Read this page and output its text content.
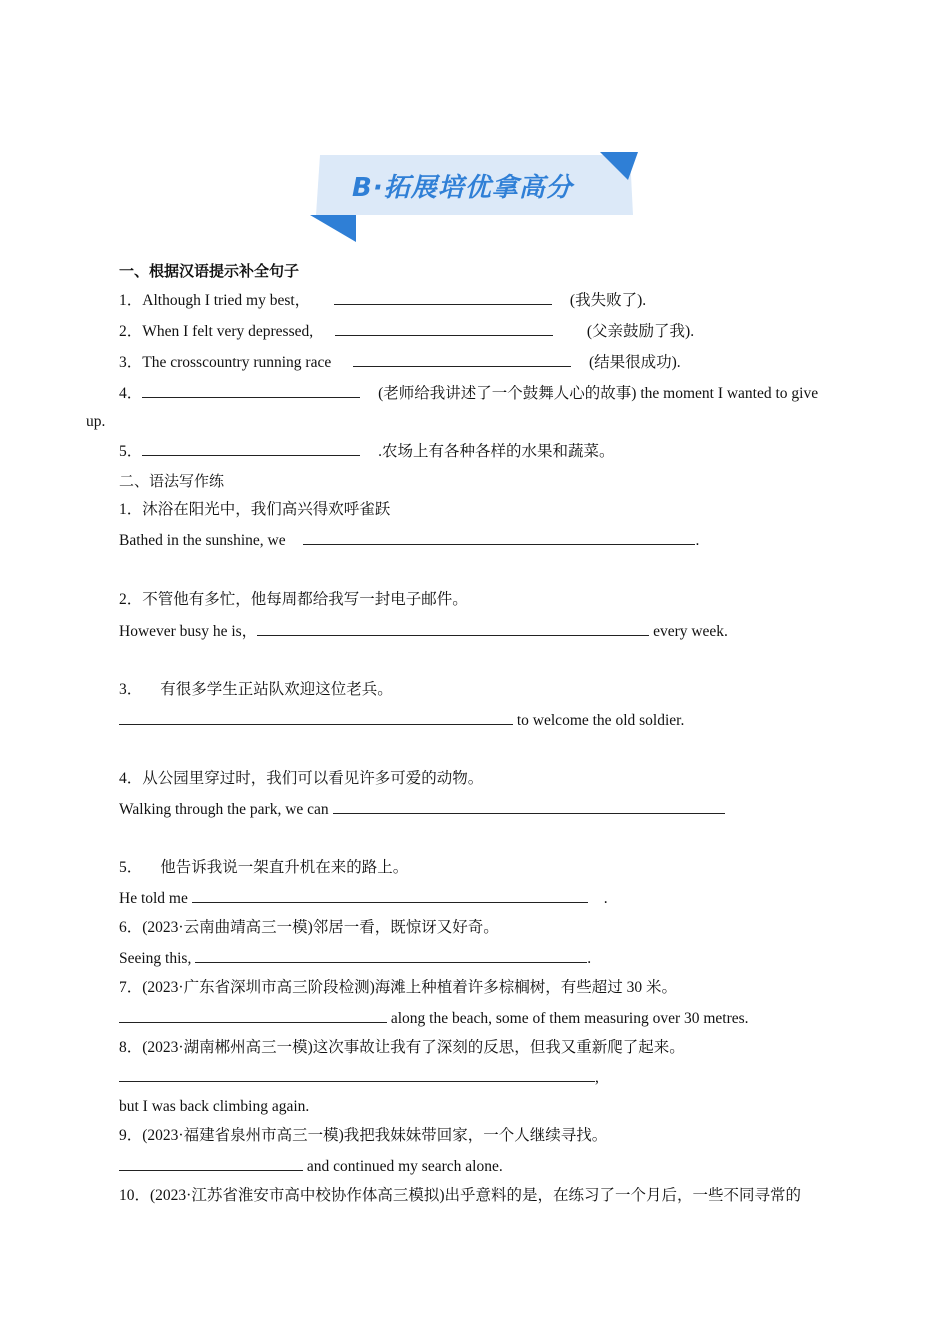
B·拓展培优拿高分
一、根据汉语提示补全句子
1．Although I tried my best，	(我失败了).
2．When I felt very depressed,	(父亲鼓励了我).
3．The crosscountry running race	(结果很成功).
4．	(老师给我讲述了一个鼓舞人心的故事) the moment I wanted to give
up.
5．	.农场上有各种各样的水果和蔬菜。
二、语法写作练
1．沐浴在阳光中，我们高兴得欢呼雀跃
Bathed in the sunshine, we	.
2．不管他有多忙，他每周都给我写一封电子邮件。
However busy he is，	every week.
3． 有很多学生正站队欢迎这位老兵。
to welcome the old soldier.
4．从公园里穿过时，我们可以看见许多可爱的动物。
Walking through the park, we can
5． 他告诉我说一架直升机在来的路上。
He told me	.
6．(2023·云南曲靖高三一模)邻居一看，既惊讶又好奇。
Seeing this,	.
7．(2023·广东省深圳市高三阶段检测)海滩上种植着许多棕榈树，有些超过 30 米。
along the beach, some of them measuring over 30 metres.
8．(2023·湖南郴州高三一模)这次事故让我有了深刻的反思，但我又重新爬了起来。
,
but I was back climbing again.
9．(2023·福建省泉州市高三一模)我把我妹妹带回家，一个人继续寻找。
and continued my search alone.
10．(2023·江苏省淮安市高中校协作体高三模拟)出乎意料的是，在练习了一个月后，一些不同寻常的
